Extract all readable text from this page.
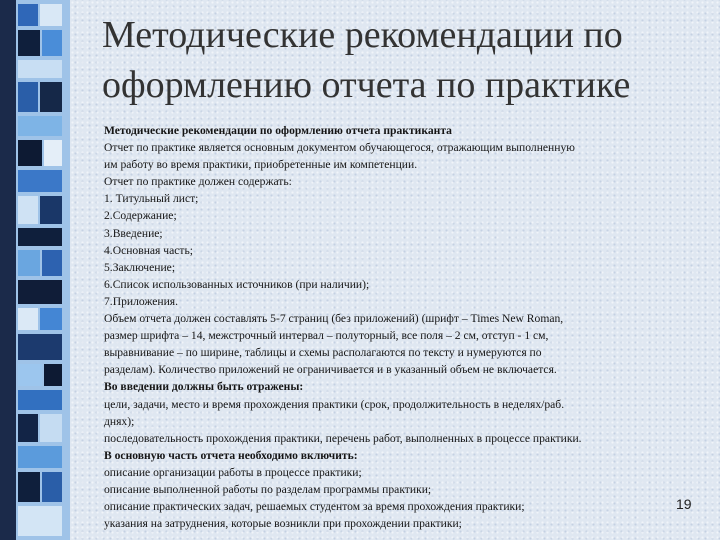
Методические рекомендации по
оформлению отчета по практике
Методические рекомендации по оформлению отчета практиканта
Отчет по практике является основным документом обучающегося, отражающим выполненную
им работу во время практики, приобретенные им компетенции.
Отчет по практике должен содержать:
1. Титульный лист;
2.Содержание;
3.Введение;
4.Основная часть;
5.Заключение;
6.Список использованных источников (при наличии);
7.Приложения.
Объем отчета должен составлять 5-7 страниц (без приложений) (шрифт – Times New Roman,
размер шрифта – 14, межстрочный интервал – полуторный, все поля – 2 см, отступ - 1 см,
выравнивание – по ширине, таблицы и схемы располагаются по тексту и нумеруются по
разделам). Количество приложений не ограничивается и в указанный объем не включается.
Во введении должны быть отражены:
цели, задачи, место и время прохождения практики (срок, продолжительность в неделях/раб.
днях);
последовательность прохождения практики, перечень работ, выполненных в процессе практики.
В основную часть отчета необходимо включить:
описание организации работы в процессе практики;
описание выполненной работы по разделам программы практики;
описание практических задач, решаемых студентом за время прохождения практики;
указания на затруднения, которые возникли при прохождении практики;
19
